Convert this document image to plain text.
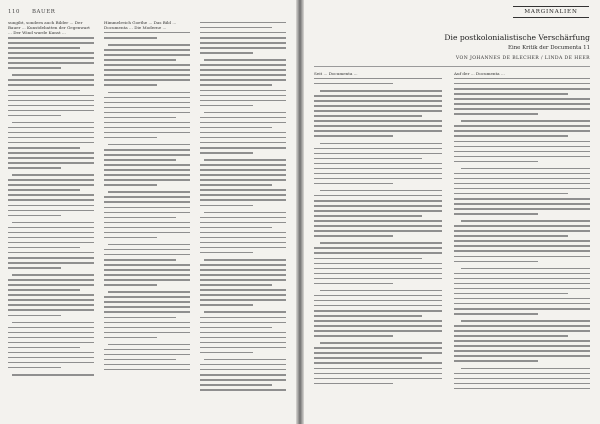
110 BAUER

sungibt, sondern auch Bilder ... Der Bauer ... Kunstdebatten der Gegenwart ... Der Wind wurde Kunst ...

Himmelreich Goethe ... Das Bild ... Documenta ... Die Moderne ...

MARGINALIEN
Die postkolonialistische Verschärfung
Eine Kritik der Documenta 11
VON JOHANNES DE BLECHER / LINDA DE HEER

Seit ... Documenta ...	Auf der ... Documenta ...
